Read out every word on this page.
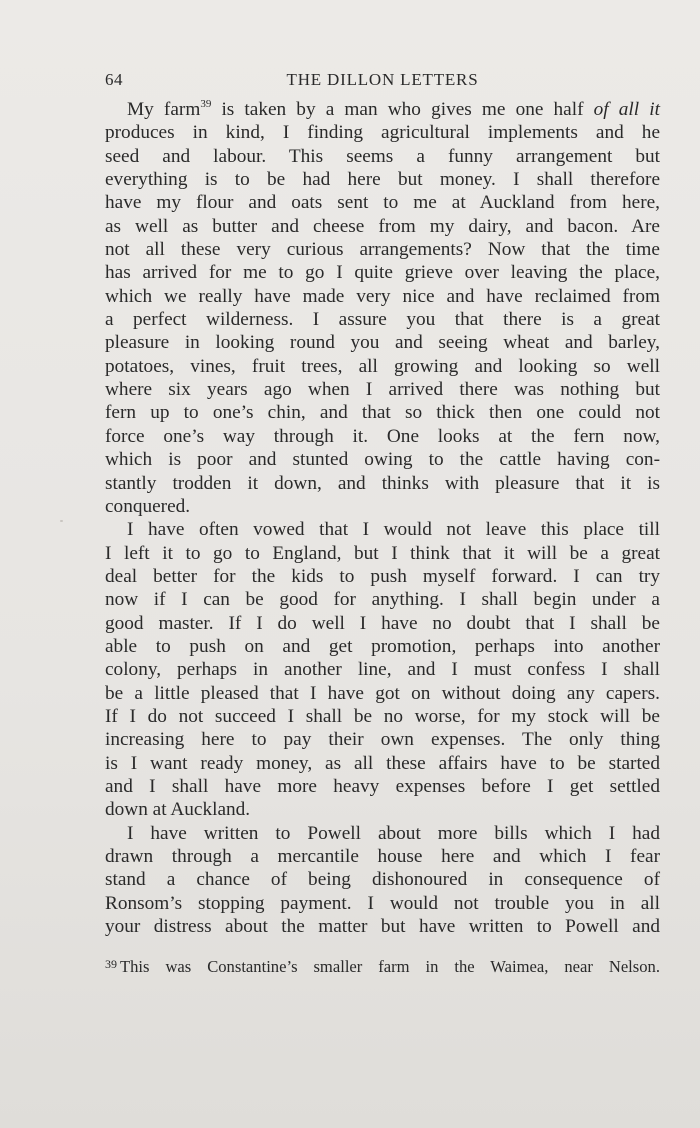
64	THE DILLON LETTERS
My farm$^{39}$ is taken by a man who gives me one half of all it
produces in kind, I finding agricultural implements and he
seed and labour. This seems a funny arrangement but
everything is to be had here but money. I shall therefore
have my flour and oats sent to me at Auckland from here,
as well as butter and cheese from my dairy, and bacon. Are
not all these very curious arrangements? Now that the time
has arrived for me to go I quite grieve over leaving the place,
which we really have made very nice and have reclaimed from
a perfect wilderness. I assure you that there is a great
pleasure in looking round you and seeing wheat and barley,
potatoes, vines, fruit trees, all growing and looking so well
where six years ago when I arrived there was nothing but
fern up to one’s chin, and that so thick then one could not
force one’s way through it. One looks at the fern now,
which is poor and stunted owing to the cattle having con-
stantly trodden it down, and thinks with pleasure that it is
conquered.
I have often vowed that I would not leave this place till
I left it to go to England, but I think that it will be a great
deal better for the kids to push myself forward. I can try
now if I can be good for anything. I shall begin under a
good master. If I do well I have no doubt that I shall be
able to push on and get promotion, perhaps into another
colony, perhaps in another line, and I must confess I shall
be a little pleased that I have got on without doing any capers.
If I do not succeed I shall be no worse, for my stock will be
increasing here to pay their own expenses. The only thing
is I want ready money, as all these affairs have to be started
and I shall have more heavy expenses before I get settled
down at Auckland.
I have written to Powell about more bills which I had
drawn through a mercantile house here and which I fear
stand a chance of being dishonoured in consequence of
Ronsom’s stopping payment. I would not trouble you in all
your distress about the matter but have written to Powell and
$^{39}$ This was Constantine’s smaller farm in the Waimea, near Nelson.
